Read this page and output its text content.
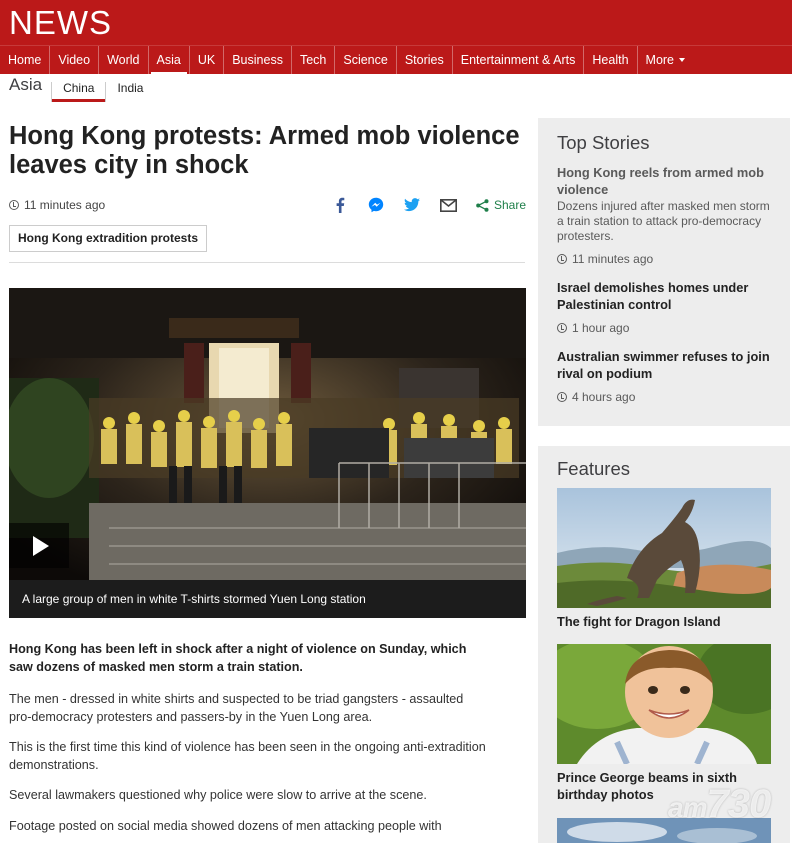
NEWS
Home	Video	World	Asia	UK	Business	Tech	Science	Stories	Entertainment & Arts	Health	More
Asia	China	India
Hong Kong protests: Armed mob violence leaves city in shock
11 minutes ago	Share
Hong Kong extradition protests
A large group of men in white T-shirts stormed Yuen Long station

Hong Kong has been left in shock after a night of violence on Sunday, which saw dozens of masked men storm a train station.

The men - dressed in white shirts and suspected to be triad gangsters - assaulted pro-democracy protesters and passers-by in the Yuen Long area.

This is the first time this kind of violence has been seen in the ongoing anti-extradition demonstrations.

Several lawmakers questioned why police were slow to arrive at the scene.

Footage posted on social media showed dozens of men attacking people with

Top Stories
Hong Kong reels from armed mob violence
Dozens injured after masked men storm a train station to attack pro-democracy protesters.
11 minutes ago
Israel demolishes homes under Palestinian control
1 hour ago
Australian swimmer refuses to join rival on podium
4 hours ago
Features
The fight for Dragon Island
Prince George beams in sixth birthday photos am730
